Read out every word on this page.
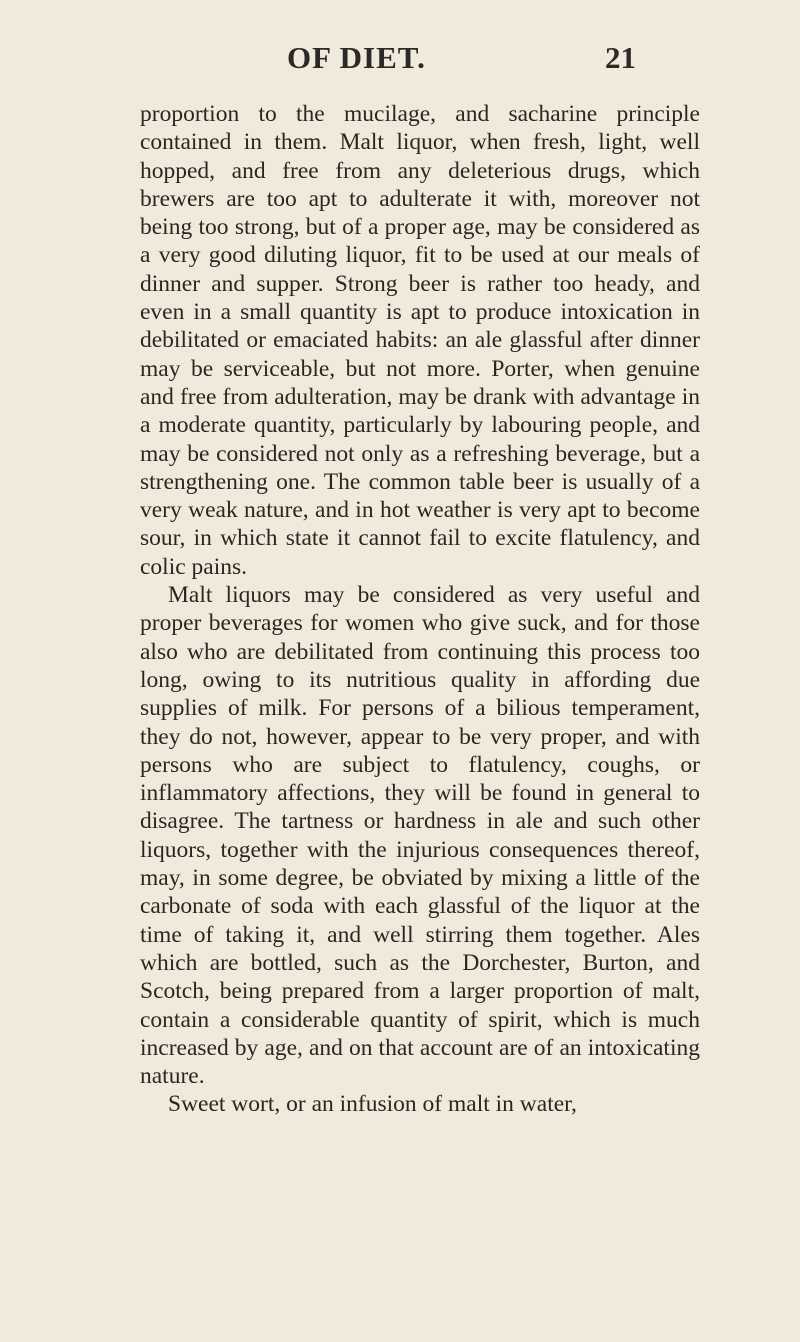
OF DIET.	21

proportion to the mucilage, and sacharine principle contained in them. Malt liquor, when fresh, light, well hopped, and free from any deleterious drugs, which brewers are too apt to adulterate it with, moreover not being too strong, but of a proper age, may be considered as a very good diluting liquor, fit to be used at our meals of dinner and supper. Strong beer is rather too heady, and even in a small quantity is apt to produce intoxication in debilitated or emaciated habits: an ale glassful after dinner may be serviceable, but not more. Porter, when genuine and free from adulteration, may be drank with advantage in a moderate quantity, particularly by labouring people, and may be considered not only as a refreshing beverage, but a strengthening one. The common table beer is usually of a very weak nature, and in hot weather is very apt to become sour, in which state it cannot fail to excite flatulency, and colic pains.

Malt liquors may be considered as very useful and proper beverages for women who give suck, and for those also who are debilitated from continuing this process too long, owing to its nutritious quality in affording due supplies of milk. For persons of a bilious temperament, they do not, however, appear to be very proper, and with persons who are subject to flatulency, coughs, or inflammatory affections, they will be found in general to disagree. The tartness or hardness in ale and such other liquors, together with the injurious consequences thereof, may, in some degree, be obviated by mixing a little of the carbonate of soda with each glassful of the liquor at the time of taking it, and well stirring them together. Ales which are bottled, such as the Dorchester, Burton, and Scotch, being prepared from a larger proportion of malt, contain a considerable quantity of spirit, which is much increased by age, and on that account are of an intoxicating nature.

Sweet wort, or an infusion of malt in water,
